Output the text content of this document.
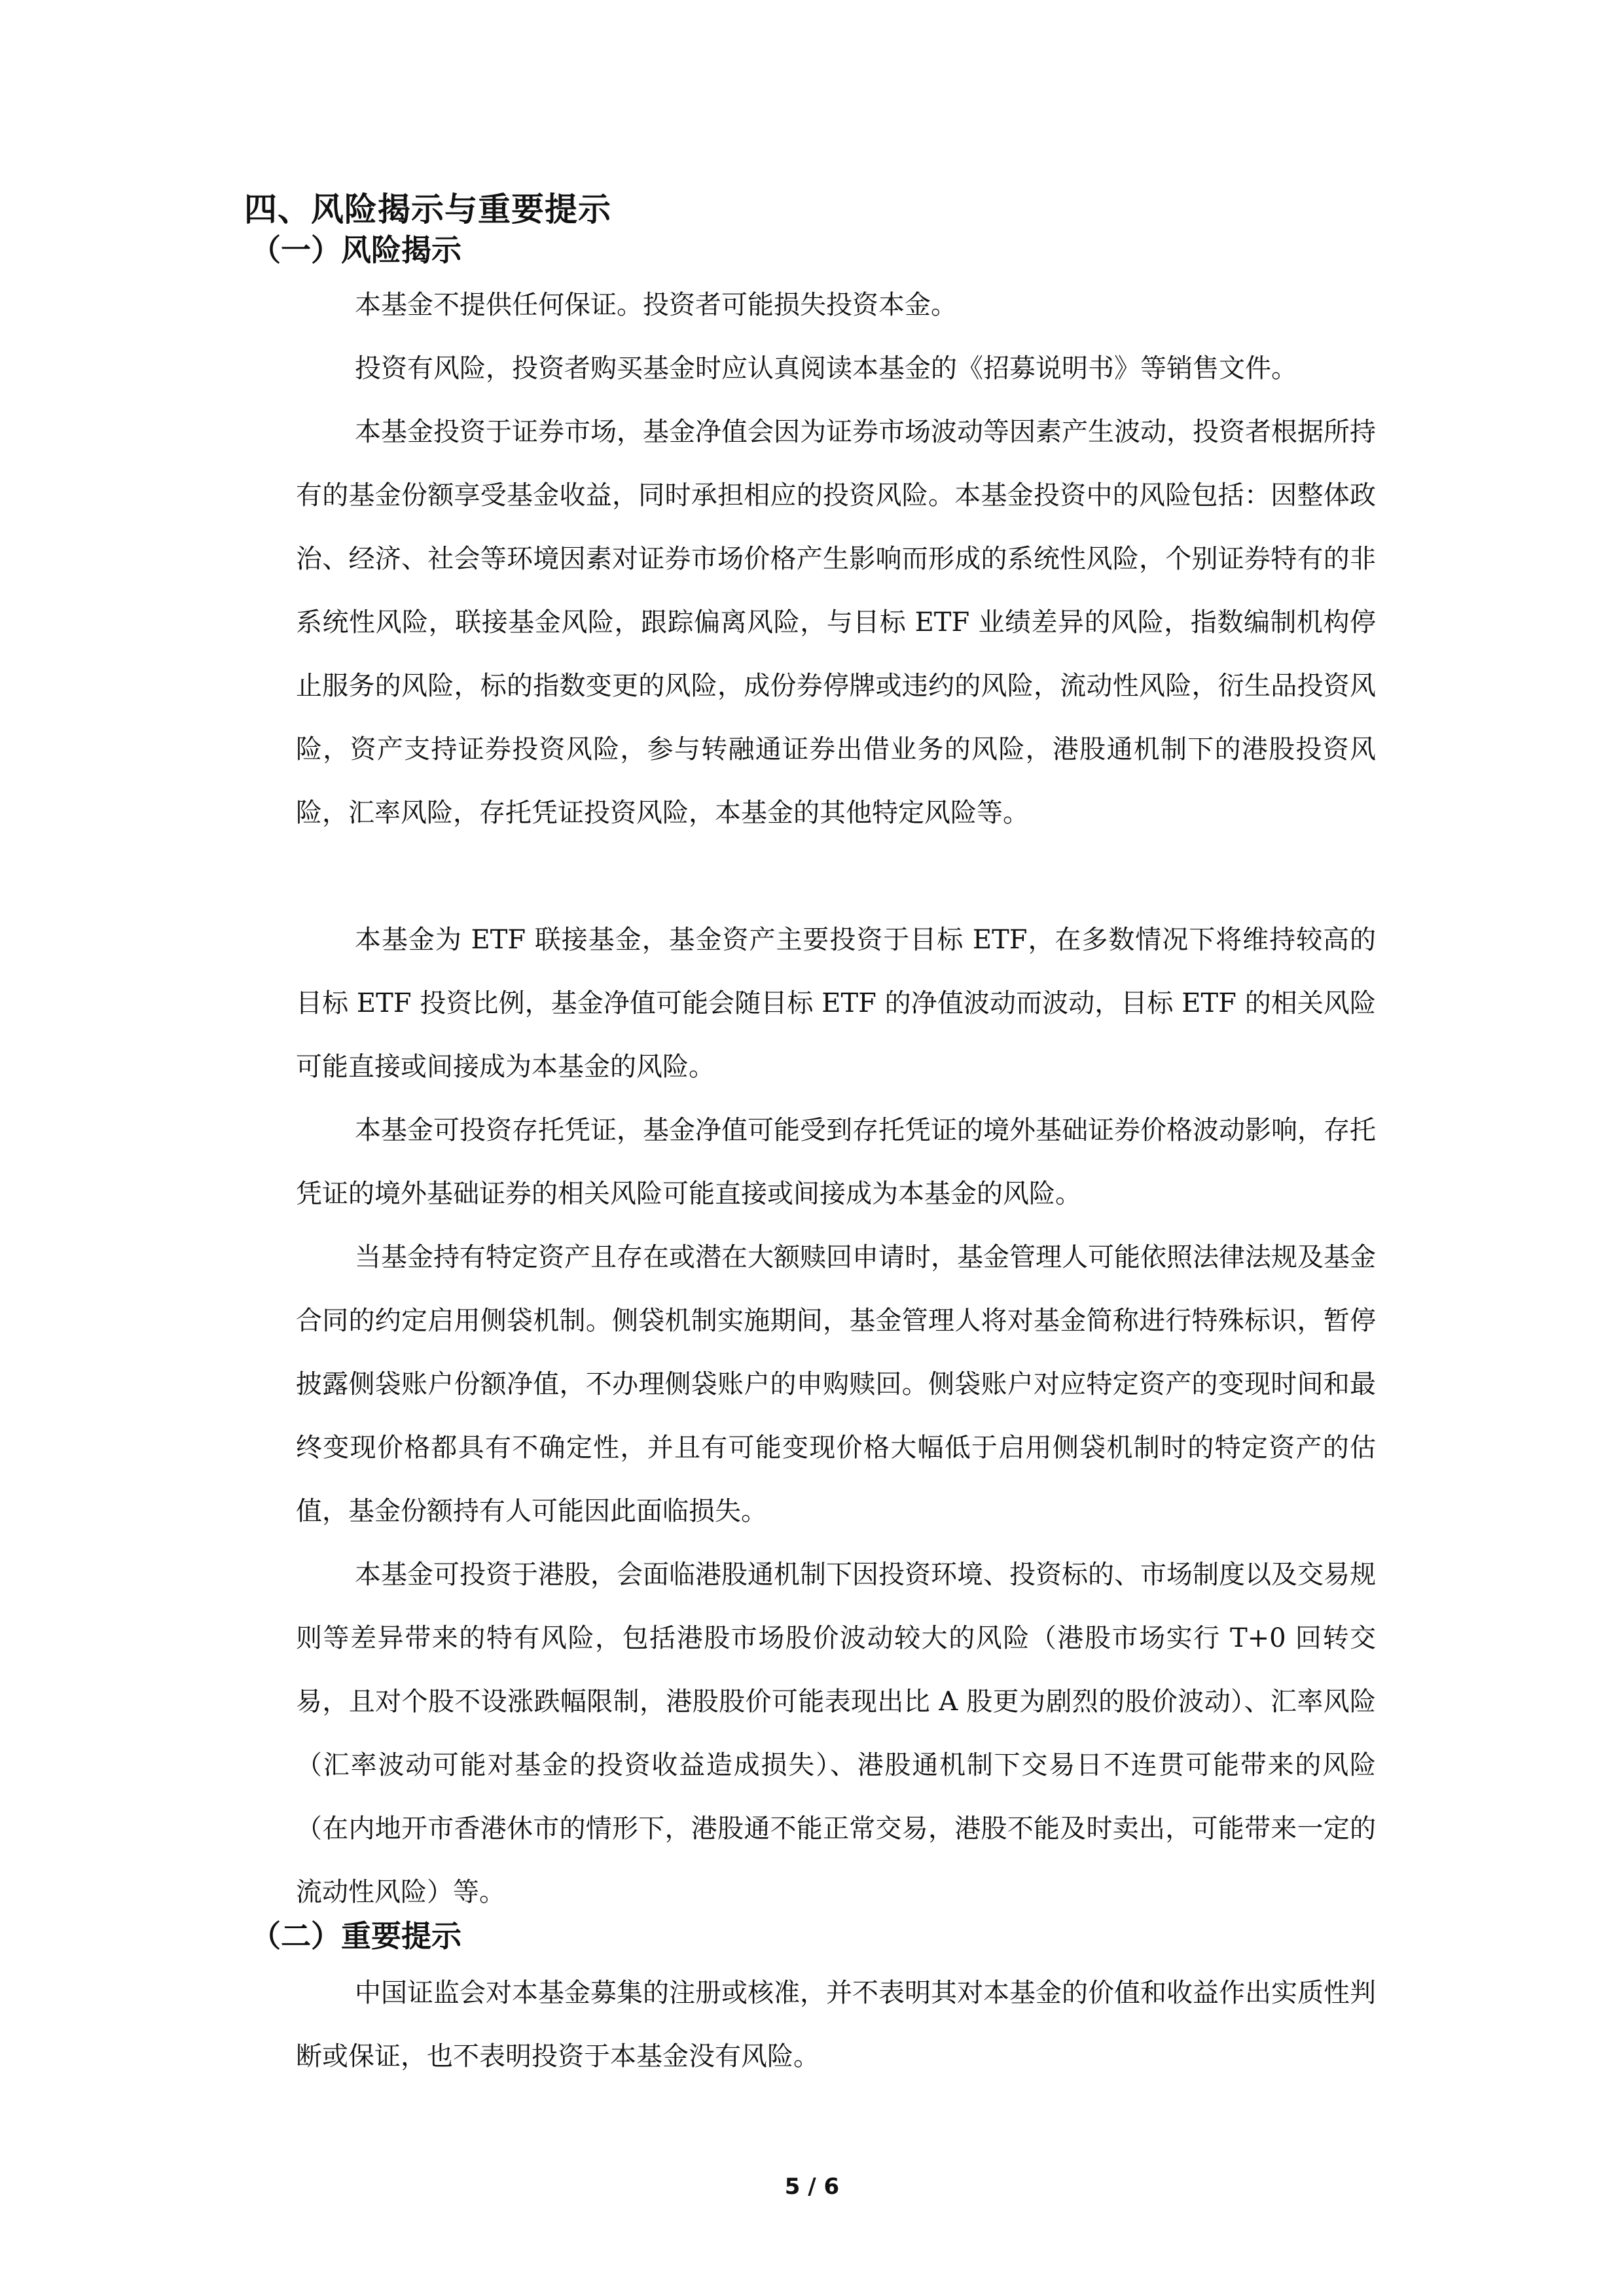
四、风险揭示与重要提示
（一）风险揭示

本基金不提供任何保证。投资者可能损失投资本金。

投资有风险，投资者购买基金时应认真阅读本基金的《招募说明书》等销售文件。

本基金投资于证券市场，基金净值会因为证券市场波动等因素产生波动，投资者根据所持有的基金份额享受基金收益，同时承担相应的投资风险。本基金投资中的风险包括：因整体政治、经济、社会等环境因素对证券市场价格产生影响而形成的系统性风险，个别证券特有的非系统性风险，联接基金风险，跟踪偏离风险，与目标 ETF 业绩差异的风险，指数编制机构停止服务的风险，标的指数变更的风险，成份券停牌或违约的风险，流动性风险，衍生品投资风险，资产支持证券投资风险，参与转融通证券出借业务的风险，港股通机制下的港股投资风险，汇率风险，存托凭证投资风险，本基金的其他特定风险等。

本基金为 ETF 联接基金，基金资产主要投资于目标 ETF，在多数情况下将维持较高的目标 ETF 投资比例，基金净值可能会随目标 ETF 的净值波动而波动，目标 ETF 的相关风险可能直接或间接成为本基金的风险。

本基金可投资存托凭证，基金净值可能受到存托凭证的境外基础证券价格波动影响，存托凭证的境外基础证券的相关风险可能直接或间接成为本基金的风险。

当基金持有特定资产且存在或潜在大额赎回申请时，基金管理人可能依照法律法规及基金合同的约定启用侧袋机制。侧袋机制实施期间，基金管理人将对基金简称进行特殊标识，暂停披露侧袋账户份额净值，不办理侧袋账户的申购赎回。侧袋账户对应特定资产的变现时间和最终变现价格都具有不确定性，并且有可能变现价格大幅低于启用侧袋机制时的特定资产的估值，基金份额持有人可能因此面临损失。

本基金可投资于港股，会面临港股通机制下因投资环境、投资标的、市场制度以及交易规则等差异带来的特有风险，包括港股市场股价波动较大的风险（港股市场实行 T+0 回转交易，且对个股不设涨跌幅限制，港股股价可能表现出比 A 股更为剧烈的股价波动）、汇率风险（汇率波动可能对基金的投资收益造成损失）、港股通机制下交易日不连贯可能带来的风险（在内地开市香港休市的情形下，港股通不能正常交易，港股不能及时卖出，可能带来一定的流动性风险）等。

（二）重要提示

中国证监会对本基金募集的注册或核准，并不表明其对本基金的价值和收益作出实质性判断或保证，也不表明投资于本基金没有风险。

5 / 6
